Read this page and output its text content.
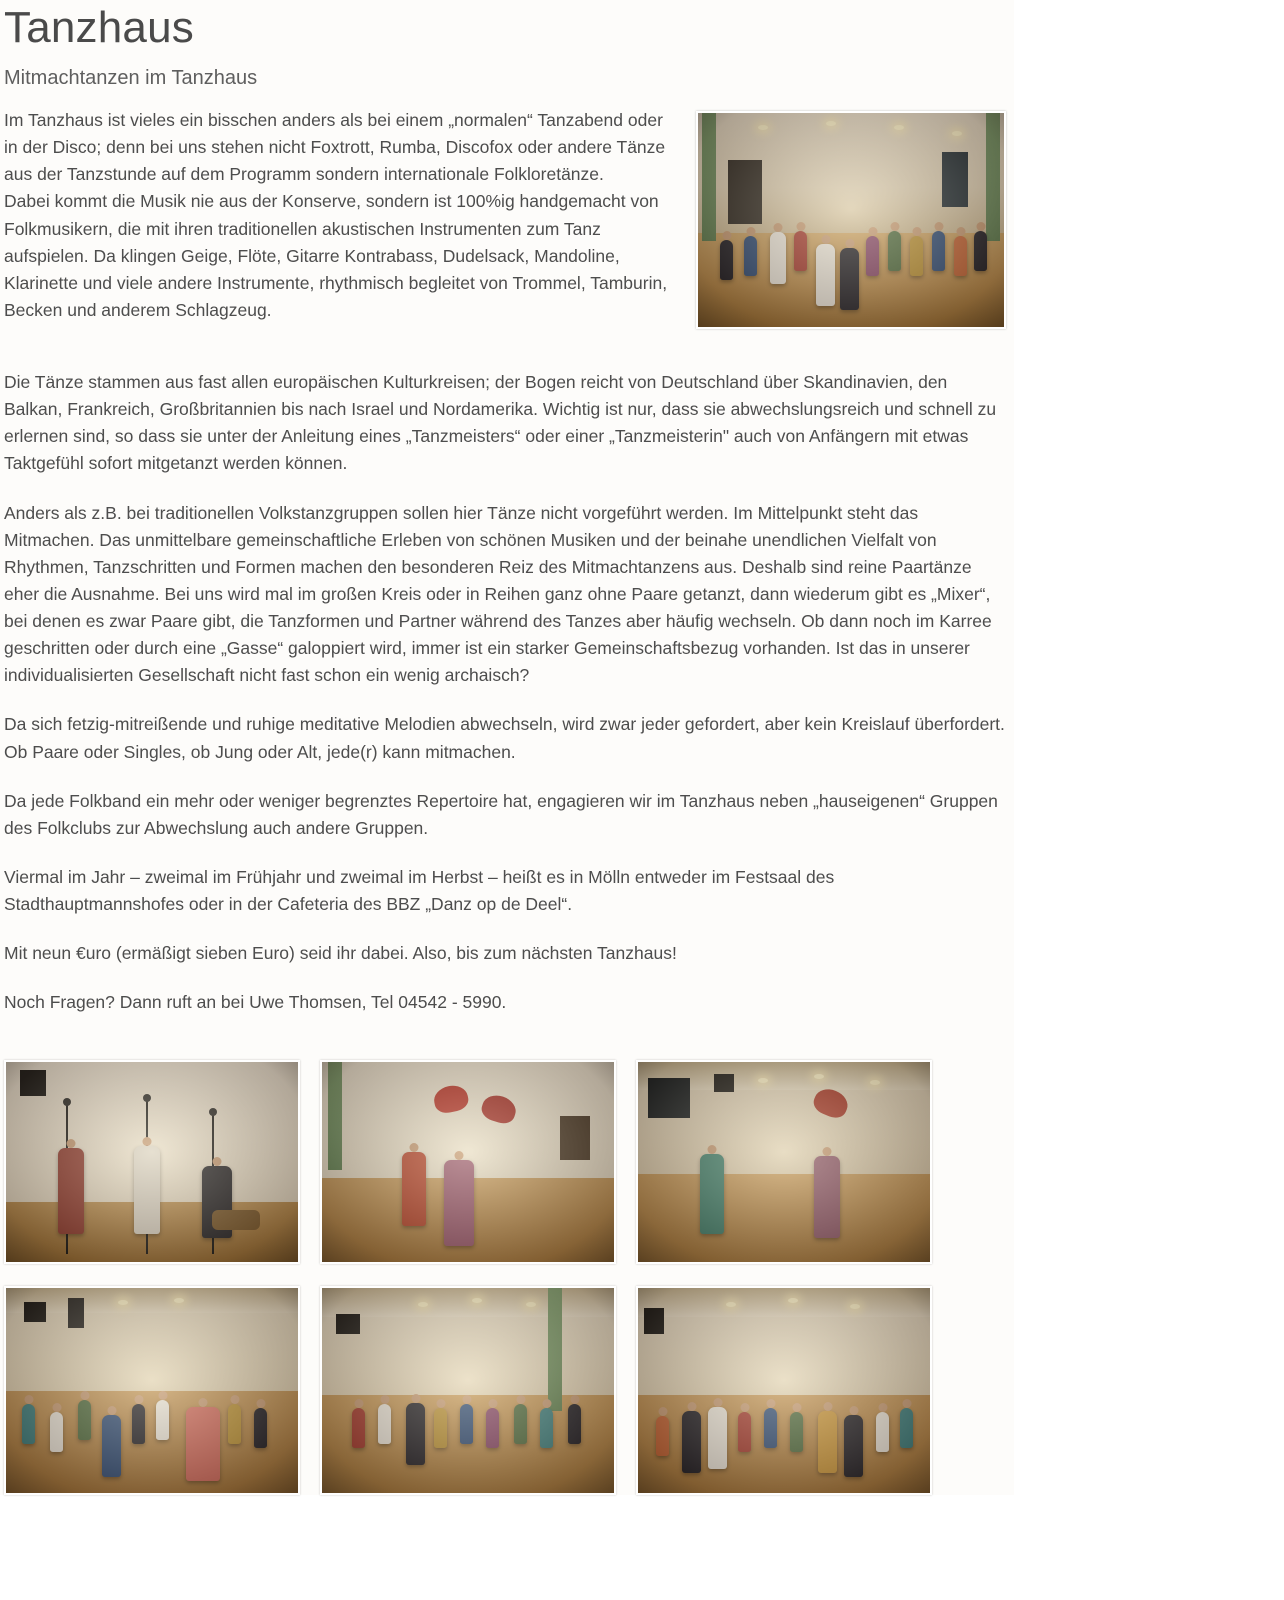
Tanzhaus
Mitmachtanzen im Tanzhaus

Im Tanzhaus ist vieles ein bisschen anders als bei einem „normalen“ Tanzabend oder in der Disco; denn bei uns stehen nicht Foxtrott, Rumba, Discofox oder andere Tänze aus der Tanzstunde auf dem Programm sondern internationale Folkloretänze.

Dabei kommt die Musik nie aus der Konserve, sondern ist 100%ig handgemacht von Folkmusikern, die mit ihren traditionellen akustischen Instrumenten zum Tanz aufspielen. Da klingen Geige, Flöte, Gitarre Kontrabass, Dudelsack, Mandoline, Klarinette und viele andere Instrumente, rhythmisch begleitet von Trommel, Tamburin, Becken und anderem Schlagzeug.

Die Tänze stammen aus fast allen europäischen Kulturkreisen; der Bogen reicht von Deutschland über Skandinavien, den Balkan, Frankreich, Großbritannien bis nach Israel und Nordamerika. Wichtig ist nur, dass sie abwechslungsreich und schnell zu erlernen sind, so dass sie unter der Anleitung eines „Tanzmeisters“ oder einer „Tanzmeisterin" auch von Anfängern mit etwas Taktgefühl sofort mitgetanzt werden können.

Anders als z.B. bei traditionellen Volkstanzgruppen sollen hier Tänze nicht vorgeführt werden. Im Mittelpunkt steht das Mitmachen. Das unmittelbare gemeinschaftliche Erleben von schönen Musiken und der beinahe unendlichen Vielfalt von Rhythmen, Tanzschritten und Formen machen den besonderen Reiz des Mitmachtanzens aus. Deshalb sind reine Paartänze eher die Ausnahme. Bei uns wird mal im großen Kreis oder in Reihen ganz ohne Paare getanzt, dann wiederum gibt es „Mixer“, bei denen es zwar Paare gibt, die Tanzformen und Partner während des Tanzes aber häufig wechseln. Ob dann noch im Karree geschritten oder durch eine „Gasse“ galoppiert wird, immer ist ein starker Gemeinschaftsbezug vorhanden. Ist das in unserer individualisierten Gesellschaft nicht fast schon ein wenig archaisch?

Da sich fetzig-mitreißende und ruhige meditative Melodien abwechseln, wird zwar jeder gefordert, aber kein Kreislauf überfordert. Ob Paare oder Singles, ob Jung oder Alt, jede(r) kann mitmachen.

Da jede Folkband ein mehr oder weniger begrenztes Repertoire hat, engagieren wir im Tanzhaus neben „hauseigenen“ Gruppen des Folkclubs zur Abwechslung auch andere Gruppen.

Viermal im Jahr – zweimal im Frühjahr und zweimal im Herbst – heißt es in Mölln entweder im Festsaal des Stadthauptmannshofes oder in der Cafeteria des BBZ „Danz op de Deel“.

Mit neun €uro (ermäßigt sieben Euro) seid ihr dabei. Also, bis zum nächsten Tanzhaus!

Noch Fragen? Dann ruft an bei Uwe Thomsen, Tel 04542 - 5990.
